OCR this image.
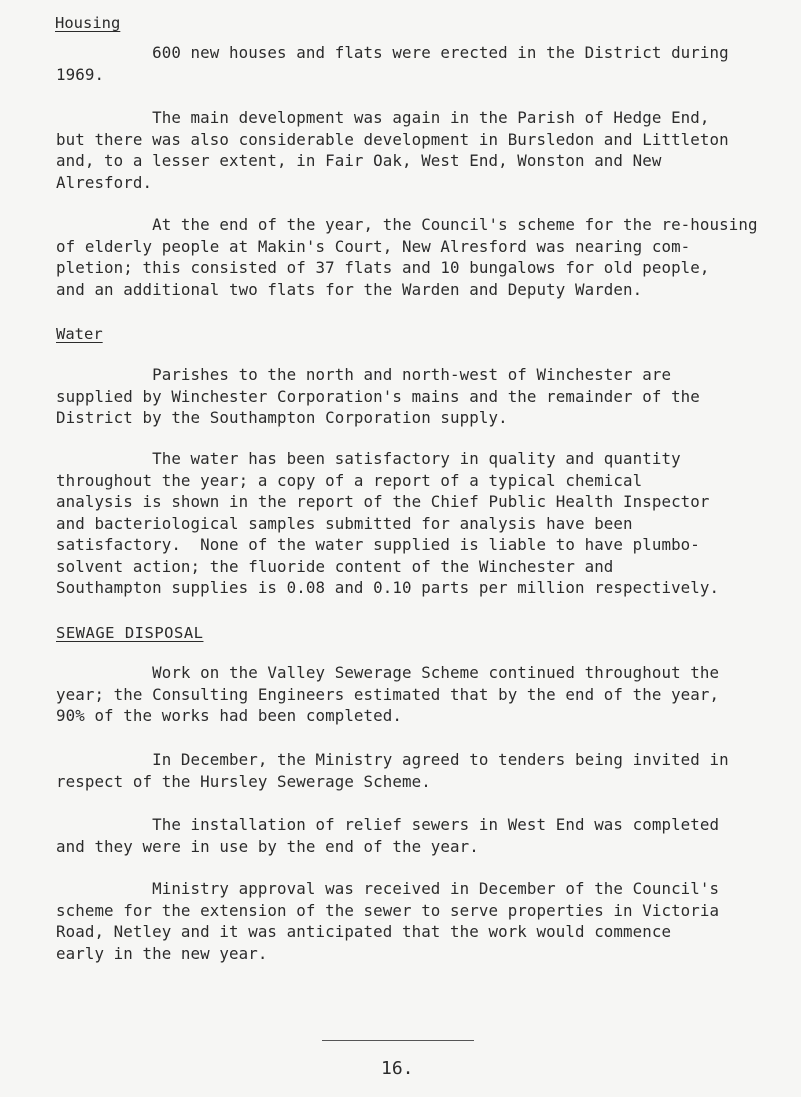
Housing

600 new houses and flats were erected in the District during
1969.

The main development was again in the Parish of Hedge End,
but there was also considerable development in Bursledon and Littleton
and, to a lesser extent, in Fair Oak, West End, Wonston and New
Alresford.

At the end of the year, the Council's scheme for the re-housing
of elderly people at Makin's Court, New Alresford was nearing com-
pletion; this consisted of 37 flats and 10 bungalows for old people,
and an additional two flats for the Warden and Deputy Warden.

Water

Parishes to the north and north-west of Winchester are
supplied by Winchester Corporation's mains and the remainder of the
District by the Southampton Corporation supply.

The water has been satisfactory in quality and quantity
throughout the year; a copy of a report of a typical chemical
analysis is shown in the report of the Chief Public Health Inspector
and bacteriological samples submitted for analysis have been
satisfactory.  None of the water supplied is liable to have plumbo-
solvent action; the fluoride content of the Winchester and
Southampton supplies is 0.08 and 0.10 parts per million respectively.

SEWAGE DISPOSAL

Work on the Valley Sewerage Scheme continued throughout the
year; the Consulting Engineers estimated that by the end of the year,
90% of the works had been completed.

In December, the Ministry agreed to tenders being invited in
respect of the Hursley Sewerage Scheme.

The installation of relief sewers in West End was completed
and they were in use by the end of the year.

Ministry approval was received in December of the Council's
scheme for the extension of the sewer to serve properties in Victoria
Road, Netley and it was anticipated that the work would commence
early in the new year.

16.
